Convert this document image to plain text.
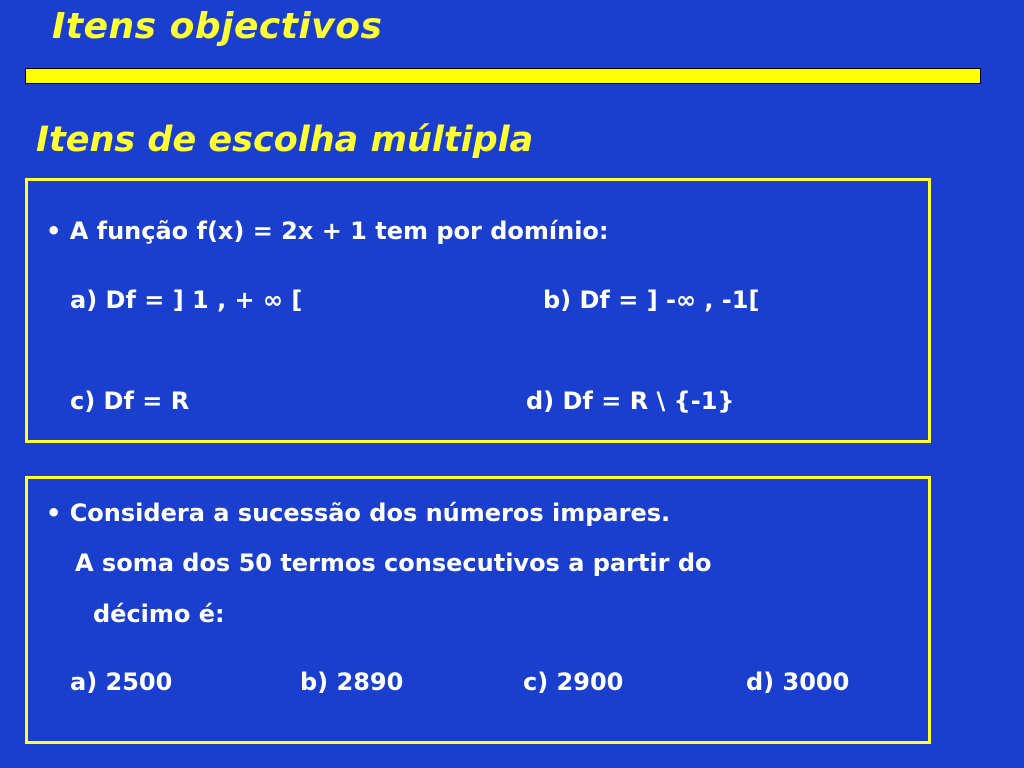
Itens objectivos
Itens de escolha múltipla
• A função f(x) = 2x + 1 tem por domínio:
a) Df = ] 1 , + ∞ [	b) Df = ] -∞ , -1[
c) Df = R	d) Df = R \ {-1}
• Considera a sucessão dos números impares.
A soma dos 50 termos consecutivos a partir do
décimo é:
a) 2500	b) 2890	c) 2900	d) 3000
